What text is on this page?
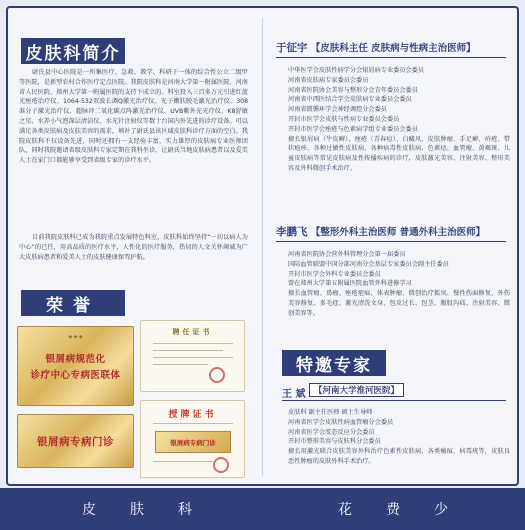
皮肤科简介

尉氏县中心医院是一所集医疗、急救、教学、科研于一体的综合性公立二级甲等医院，是新型农村合作医疗定点医院。我院皮肤科是河南大学第一附属医院、河南省人民医院、郑州大学第一附属医院的支持下成立的。科室投入三百多万元引进红蓝光痤疮治疗仪、1064-532双波长调Q激光治疗仪、光子嫩肤脱毛激光治疗仪、308准分子激光治疗仪、超脉冲二氧化碳点阵激光治疗仪、UVB紫外光光疗仪、K8舒敏之星、水养小气泡深层清洁仪、水光针注射仪等数十台国内外先进的诊疗设备。可以满足各类皮肤病及皮肤美容的需求，填补了尉氏县该区域皮肤科诊疗方面的空白。我院皮肤科不仅设备先进，同时还拥有一支经验丰富，实力雄厚的皮肤病专业医师团队，同时我院邀请省级皮肤科专家定期在我科坐诊，让尉氏当地皮肤病患者以及爱美人士在家门口都能够享受到省级专家的诊疗水平。

目前我院皮肤科已成为我院重点发展特色科室，皮肤科始终坚持“一切以病人为中心”的已任，用高品质的医疗水平、人性化的医疗服务，热切的人文关怀竭诚为广大皮肤病患者和爱美人士的皮肤健康保驾护航。

荣誉
◈ ◈ ◈
银屑病规范化
诊疗中心专病医联体
聘任证书
银屑病专病门诊
授牌证书
银屑病专病门诊
于征宇 【皮肤科主任 皮肤病与性病主治医师】
中华医学会皮肤性病学分会银屑病专业委员会委员
河南省皮肤病专家委员会委员
河南省医院协会美容与整形分会青年委员会委员
河南省中西医结合学会皮肤病专业委员会委员
河南省微循环学会神经调控分会委员
开封市医学会皮肤与性病专业委员会委员
开封市医学会痤疮与色素病学组专业委员会委员
擅长银屑病（牛皮癣）、痤疮（青春痘）、白癜风、皮肤肿瘤、手足癣、疥疮、带状疱疹、各种过敏性皮肤病、各种病毒性皮肤病、色素痣、血管瘤、黄褐斑、儿童皮肤病等常见皮肤病及性传播疾病的诊疗，皮肤激光美容、注射美容、整形美容及外科微创手术治疗。
李鹏飞 【整形外科主治医师 普通外科主治医师】
河南省医院协会营外科管理分会第一届委员
国际血管联盟中国分部河南分会基层专家委员会副主任委员
开封市医学会外科专业委员会委员
曾在郑州大学第五附属医院血管外科进修学习
擅长血管瘤、鼻瘤、痤疮疤痕、体表肿瘤、微创治疗狐臭、慢性伤面修复，外伤美容修复、多毛症、激光清洗文身、包皮过长、包茎、腹股沟疝、注射美容、微创美容等。
特邀专家
王 斌	【河南大学淮河医院】
皮肤科 副主任医师 硕士生导师
河南省医学会皮肤性病血管瘤分会委员
河南省医学会变态反应分会委员
开封市整形美容与皮肤科分会委员
擅长用激光联合皮肤美容外科治疗色素性皮肤病、各类瘢痕、病毒疣等，皮肤良恶性肿瘤的皮肤外科手术治疗。
皮肤科	花费少
